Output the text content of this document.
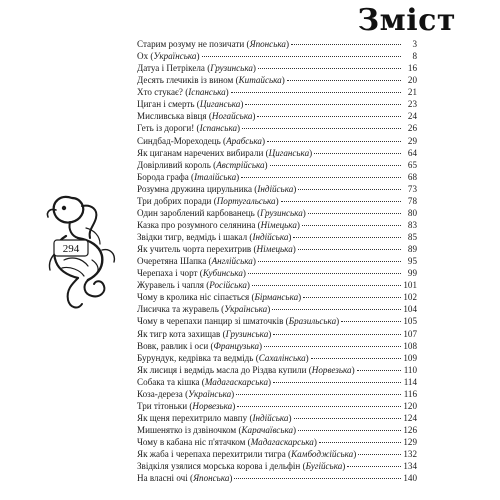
Зміст
294
Старим розуму не позичати (Японська)	3
Ох (Українська)	8
Датуа і Петрікела (Грузинська)	16
Десять глечиків із вином (Китайська)	20
Хто стукає? (Іспанська)	21
Циган і смерть (Циганська)	23
Мисливська вівця (Ногайська)	24
Геть із дороги! (Іспанська)	26
Синдбад-Мореходець (Арабська)	29
Як циганам наречених вибирали (Циганська)	64
Довірливий король (Австрійська)	65
Борода графа (Італійська)	68
Розумна дружина цирульника (Індійська)	73
Три добрих поради (Португальська)	78
Один зароблений карбованець (Грузинська)	80
Казка про розумного селянина (Німецька)	83
Звідки тигр, ведмідь і шакал (Індійська)	85
Як учитель чорта перехитрив (Німецька)	89
Очеретяна Шапка (Англійська)	95
Черепаха і чорт (Кубинська)	99
Журавель і чапля (Російська)	101
Чому в кролика ніс сіпається (Бірманська)	102
Лисичка та журавель (Українська)	104
Чому в черепахи панцир зі шматочків (Бразильська)	105
Як тигр кота захищав (Грузинська)	107
Вовк, равлик і оси (Французька)	108
Бурундук, кедрівка та ведмідь (Сахалінська)	109
Як лисиця і ведмідь масла до Різдва купили (Норвезька)	110
Собака та кішка (Мадагаскарська)	114
Коза-дереза (Українська)	116
Три тітоньки (Норвезька)	120
Як щеня перехитрило мавпу (Індійська)	124
Мишенятко із дзвіночком (Карачаївська)	126
Чому в кабана ніс п'ятачком (Мадагаскарська)	129
Як жаба і черепаха перехитрили тигра (Камбоджійська)	132
Звідкіля узялися морська корова і дельфін (Бугійська)	134
На власні очі (Японська)	140
